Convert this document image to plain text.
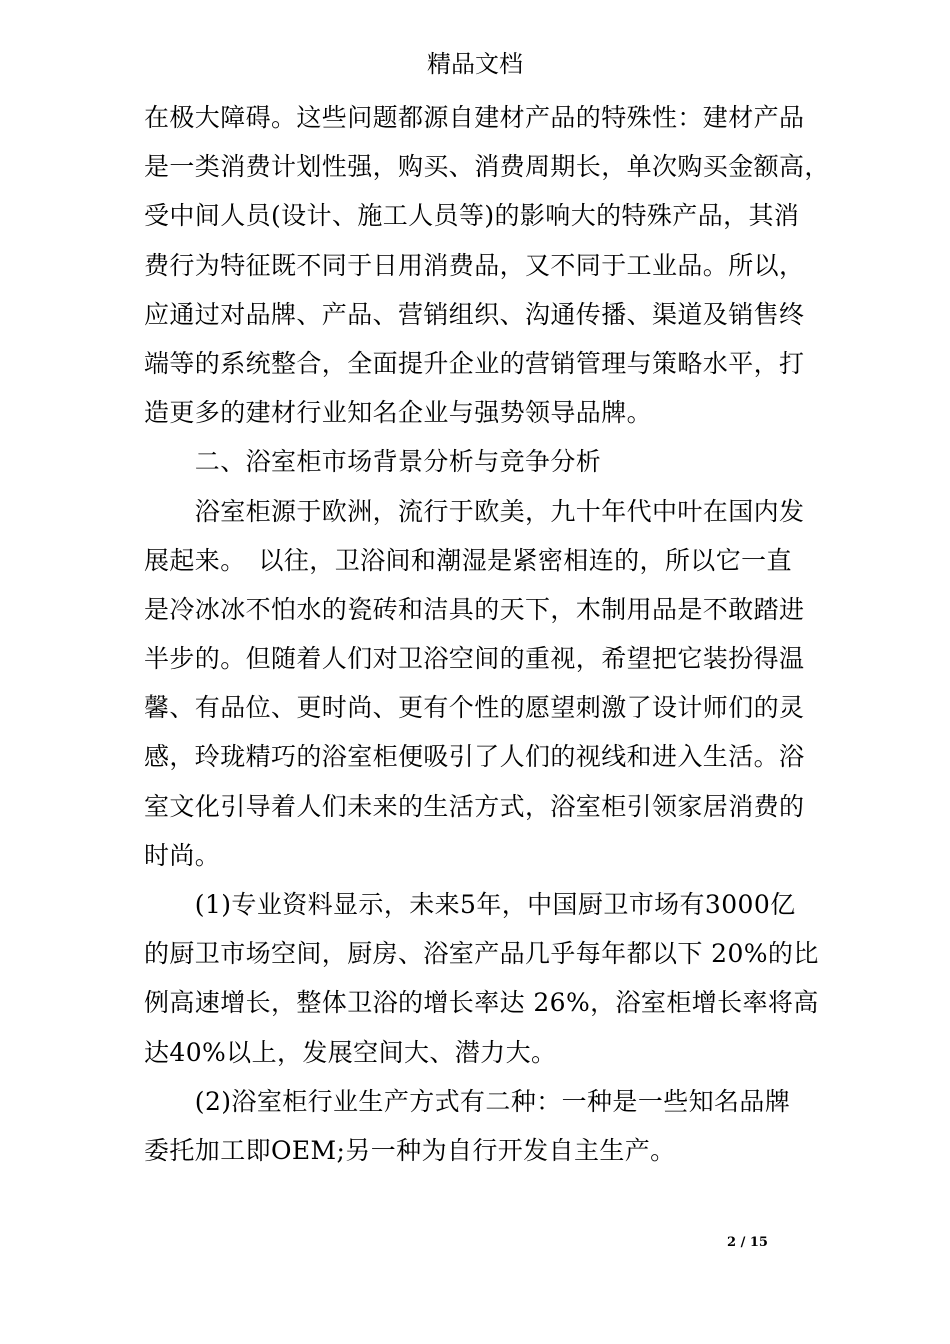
精品文档
在极大障碍。这些问题都源自建材产品的特殊性：建材产品
是一类消费计划性强，购买、消费周期长，单次购买金额高，
受中间人员(设计、施工人员等)的影响大的特殊产品，其消
费行为特征既不同于日用消费品，又不同于工业品。所以，
应通过对品牌、产品、营销组织、沟通传播、渠道及销售终
端等的系统整合，全面提升企业的营销管理与策略水平，打
造更多的建材行业知名企业与强势领导品牌。
　　二、浴室柜市场背景分析与竞争分析
　　浴室柜源于欧洲，流行于欧美，九十年代中叶在国内发
展起来。　以往，卫浴间和潮湿是紧密相连的，所以它一直
是冷冰冰不怕水的瓷砖和洁具的天下，木制用品是不敢踏进
半步的。但随着人们对卫浴空间的重视，希望把它装扮得温
馨、有品位、更时尚、更有个性的愿望刺激了设计师们的灵
感，玲珑精巧的浴室柜便吸引了人们的视线和进入生活。浴
室文化引导着人们未来的生活方式，浴室柜引领家居消费的
时尚。
　　(1)专业资料显示，未来5年，中国厨卫市场有3000亿
的厨卫市场空间，厨房、浴室产品几乎每年都以下 20%的比
例高速增长，整体卫浴的增长率达 26%，浴室柜增长率将高
达40%以上，发展空间大、潜力大。
　　(2)浴室柜行业生产方式有二种：一种是一些知名品牌
委托加工即OEM;另一种为自行开发自主生产。
2 / 15
